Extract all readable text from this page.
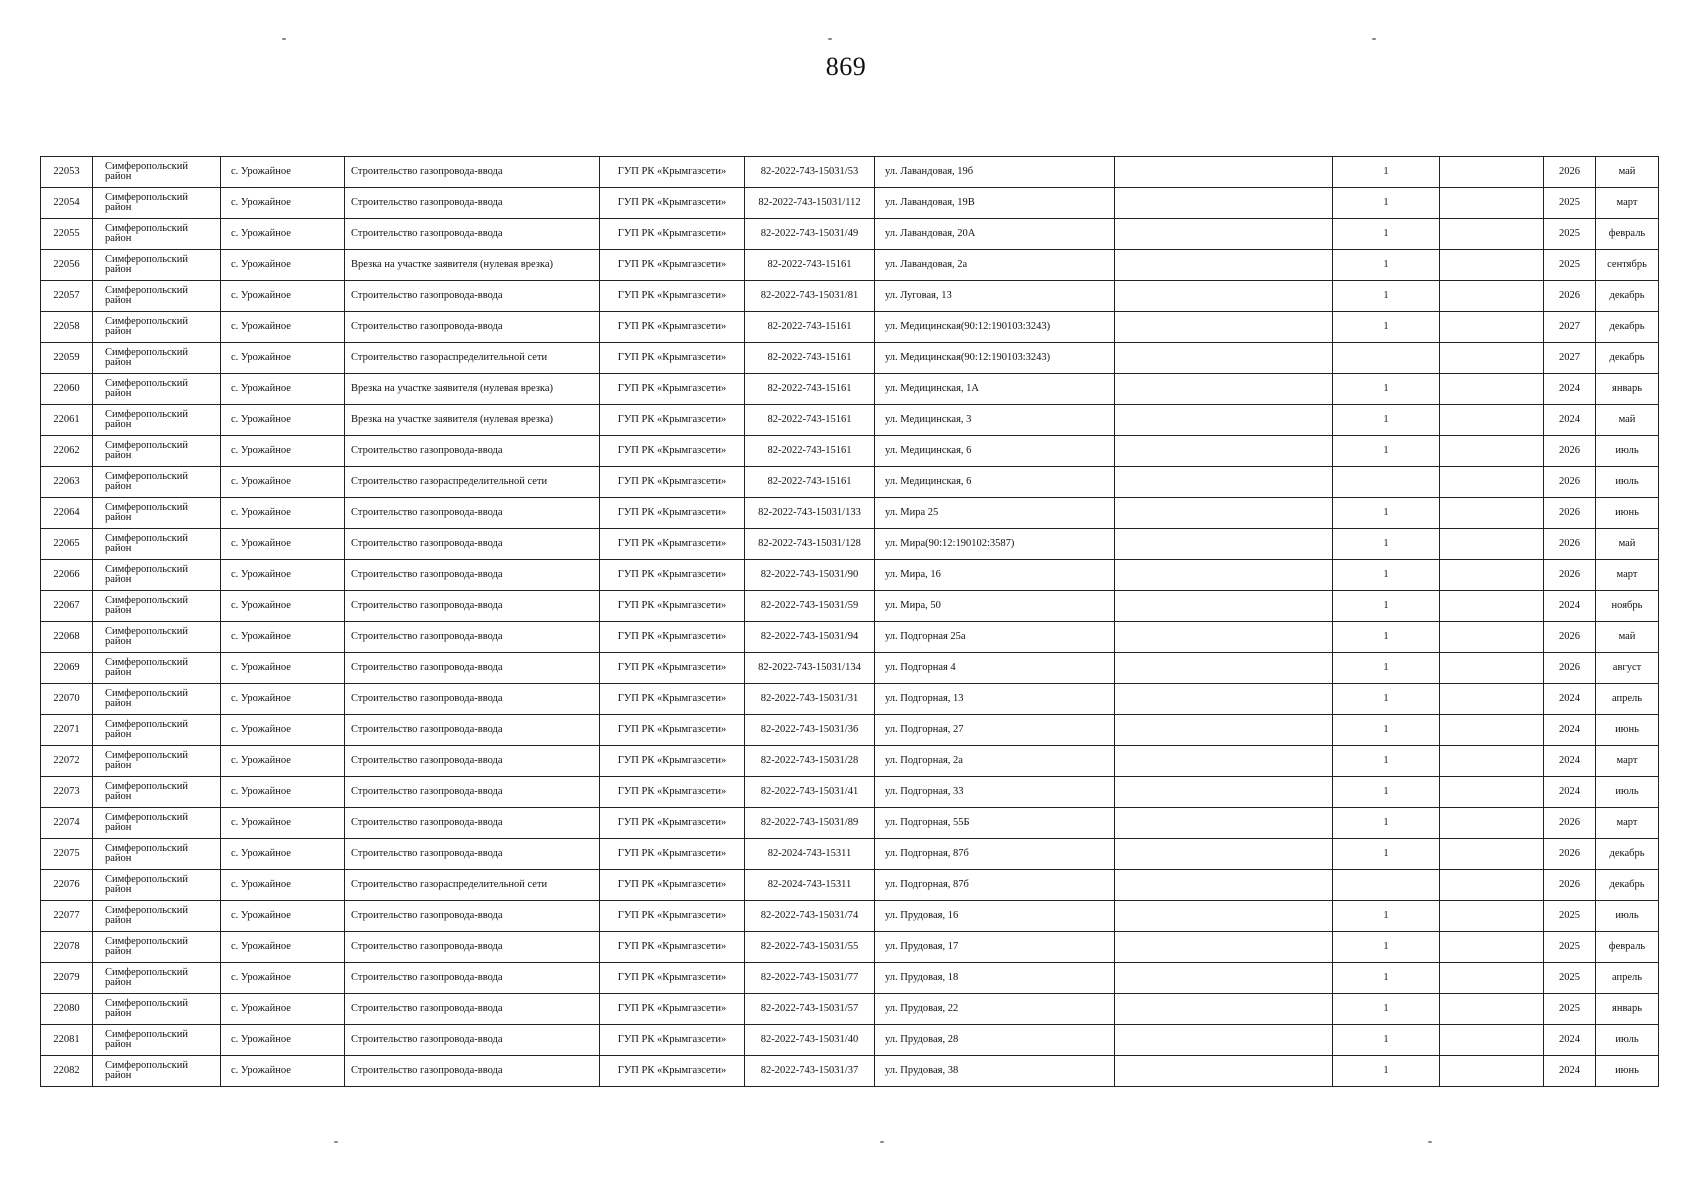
869
22053	Симферопольский район	с. Урожайное	Строительство газопровода-ввода	ГУП РК «Крымгазсети»	82-2022-743-15031/53	ул. Лавандовая, 19б		1		2026	май
22054	Симферопольский район	с. Урожайное	Строительство газопровода-ввода	ГУП РК «Крымгазсети»	82-2022-743-15031/112	ул. Лавандовая, 19В		1		2025	март
22055	Симферопольский район	с. Урожайное	Строительство газопровода-ввода	ГУП РК «Крымгазсети»	82-2022-743-15031/49	ул. Лавандовая, 20А		1		2025	февраль
22056	Симферопольский район	с. Урожайное	Врезка на участке заявителя (нулевая врезка)	ГУП РК «Крымгазсети»	82-2022-743-15161	ул. Лавандовая, 2а		1		2025	сентябрь
22057	Симферопольский район	с. Урожайное	Строительство газопровода-ввода	ГУП РК «Крымгазсети»	82-2022-743-15031/81	ул. Луговая, 13		1		2026	декабрь
22058	Симферопольский район	с. Урожайное	Строительство газопровода-ввода	ГУП РК «Крымгазсети»	82-2022-743-15161	ул. Медицинская(90:12:190103:3243)		1		2027	декабрь
22059	Симферопольский район	с. Урожайное	Строительство газораспределительной сети	ГУП РК «Крымгазсети»	82-2022-743-15161	ул. Медицинская(90:12:190103:3243)				2027	декабрь
22060	Симферопольский район	с. Урожайное	Врезка на участке заявителя (нулевая врезка)	ГУП РК «Крымгазсети»	82-2022-743-15161	ул. Медицинская, 1А		1		2024	январь
22061	Симферопольский район	с. Урожайное	Врезка на участке заявителя (нулевая врезка)	ГУП РК «Крымгазсети»	82-2022-743-15161	ул. Медицинская, 3		1		2024	май
22062	Симферопольский район	с. Урожайное	Строительство газопровода-ввода	ГУП РК «Крымгазсети»	82-2022-743-15161	ул. Медицинская, 6		1		2026	июль
22063	Симферопольский район	с. Урожайное	Строительство газораспределительной сети	ГУП РК «Крымгазсети»	82-2022-743-15161	ул. Медицинская, 6				2026	июль
22064	Симферопольский район	с. Урожайное	Строительство газопровода-ввода	ГУП РК «Крымгазсети»	82-2022-743-15031/133	ул. Мира 25		1		2026	июнь
22065	Симферопольский район	с. Урожайное	Строительство газопровода-ввода	ГУП РК «Крымгазсети»	82-2022-743-15031/128	ул. Мира(90:12:190102:3587)		1		2026	май
22066	Симферопольский район	с. Урожайное	Строительство газопровода-ввода	ГУП РК «Крымгазсети»	82-2022-743-15031/90	ул. Мира, 16		1		2026	март
22067	Симферопольский район	с. Урожайное	Строительство газопровода-ввода	ГУП РК «Крымгазсети»	82-2022-743-15031/59	ул. Мира, 50		1		2024	ноябрь
22068	Симферопольский район	с. Урожайное	Строительство газопровода-ввода	ГУП РК «Крымгазсети»	82-2022-743-15031/94	ул. Подгорная 25а		1		2026	май
22069	Симферопольский район	с. Урожайное	Строительство газопровода-ввода	ГУП РК «Крымгазсети»	82-2022-743-15031/134	ул. Подгорная 4		1		2026	август
22070	Симферопольский район	с. Урожайное	Строительство газопровода-ввода	ГУП РК «Крымгазсети»	82-2022-743-15031/31	ул. Подгорная, 13		1		2024	апрель
22071	Симферопольский район	с. Урожайное	Строительство газопровода-ввода	ГУП РК «Крымгазсети»	82-2022-743-15031/36	ул. Подгорная, 27		1		2024	июнь
22072	Симферопольский район	с. Урожайное	Строительство газопровода-ввода	ГУП РК «Крымгазсети»	82-2022-743-15031/28	ул. Подгорная, 2а		1		2024	март
22073	Симферопольский район	с. Урожайное	Строительство газопровода-ввода	ГУП РК «Крымгазсети»	82-2022-743-15031/41	ул. Подгорная, 33		1		2024	июль
22074	Симферопольский район	с. Урожайное	Строительство газопровода-ввода	ГУП РК «Крымгазсети»	82-2022-743-15031/89	ул. Подгорная, 55Б		1		2026	март
22075	Симферопольский район	с. Урожайное	Строительство газопровода-ввода	ГУП РК «Крымгазсети»	82-2024-743-15311	ул. Подгорная, 87б		1		2026	декабрь
22076	Симферопольский район	с. Урожайное	Строительство газораспределительной сети	ГУП РК «Крымгазсети»	82-2024-743-15311	ул. Подгорная, 87б				2026	декабрь
22077	Симферопольский район	с. Урожайное	Строительство газопровода-ввода	ГУП РК «Крымгазсети»	82-2022-743-15031/74	ул. Прудовая, 16		1		2025	июль
22078	Симферопольский район	с. Урожайное	Строительство газопровода-ввода	ГУП РК «Крымгазсети»	82-2022-743-15031/55	ул. Прудовая, 17		1		2025	февраль
22079	Симферопольский район	с. Урожайное	Строительство газопровода-ввода	ГУП РК «Крымгазсети»	82-2022-743-15031/77	ул. Прудовая, 18		1		2025	апрель
22080	Симферопольский район	с. Урожайное	Строительство газопровода-ввода	ГУП РК «Крымгазсети»	82-2022-743-15031/57	ул. Прудовая, 22		1		2025	январь
22081	Симферопольский район	с. Урожайное	Строительство газопровода-ввода	ГУП РК «Крымгазсети»	82-2022-743-15031/40	ул. Прудовая, 28		1		2024	июль
22082	Симферопольский район	с. Урожайное	Строительство газопровода-ввода	ГУП РК «Крымгазсети»	82-2022-743-15031/37	ул. Прудовая, 38		1		2024	июнь
